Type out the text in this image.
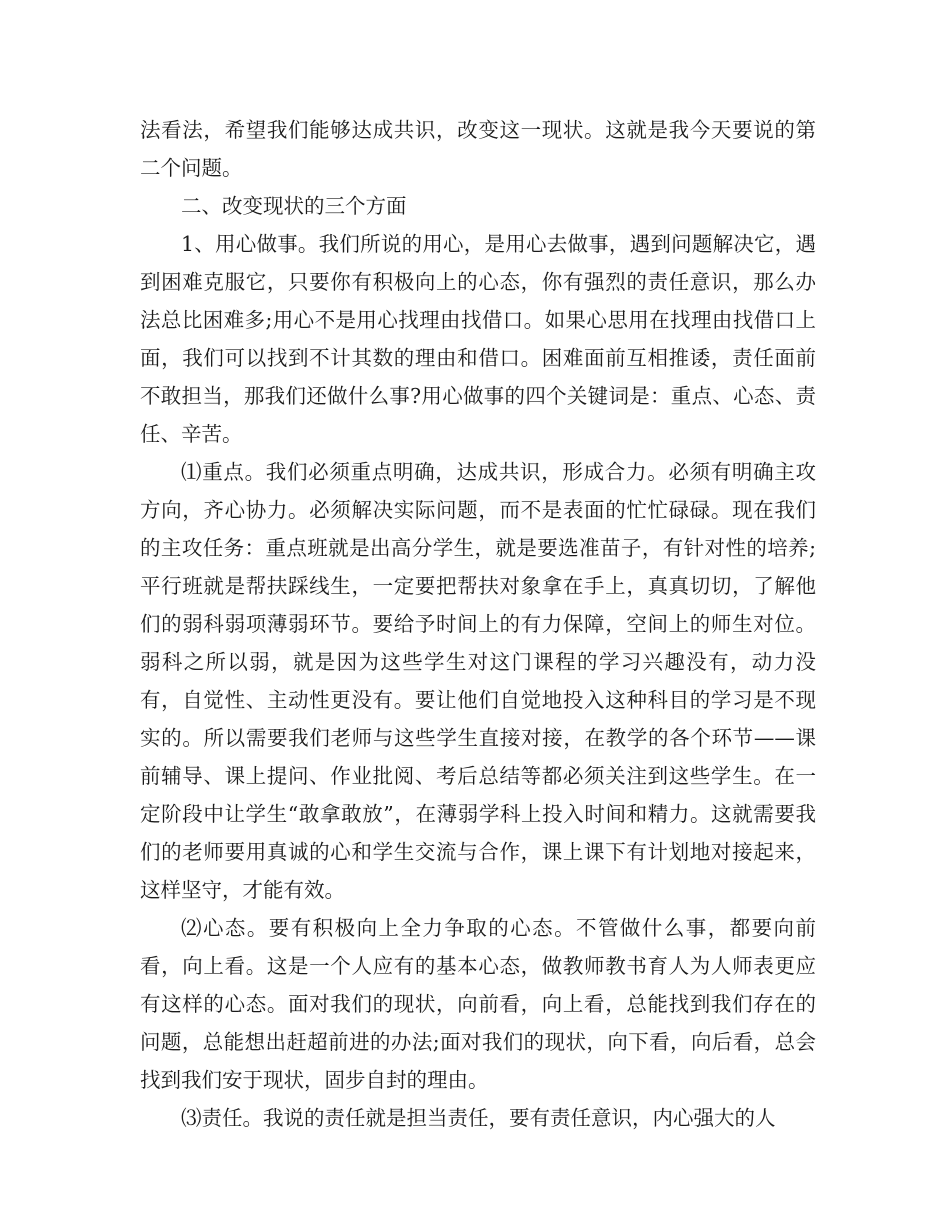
法看法，希望我们能够达成共识，改变这一现状。这就是我今天要说的第二个问题。

二、改变现状的三个方面

1、用心做事。我们所说的用心，是用心去做事，遇到问题解决它，遇到困难克服它，只要你有积极向上的心态，你有强烈的责任意识，那么办法总比困难多;用心不是用心找理由找借口。如果心思用在找理由找借口上面，我们可以找到不计其数的理由和借口。困难面前互相推诿，责任面前不敢担当，那我们还做什么事?用心做事的四个关键词是：重点、心态、责任、辛苦。

⑴重点。我们必须重点明确，达成共识，形成合力。必须有明确主攻方向，齐心协力。必须解决实际问题，而不是表面的忙忙碌碌。现在我们的主攻任务：重点班就是出高分学生，就是要选准苗子，有针对性的培养;平行班就是帮扶踩线生，一定要把帮扶对象拿在手上，真真切切，了解他们的弱科弱项薄弱环节。要给予时间上的有力保障，空间上的师生对位。弱科之所以弱，就是因为这些学生对这门课程的学习兴趣没有，动力没有，自觉性、主动性更没有。要让他们自觉地投入这种科目的学习是不现实的。所以需要我们老师与这些学生直接对接，在教学的各个环节——课前辅导、课上提问、作业批阅、考后总结等都必须关注到这些学生。在一定阶段中让学生“敢拿敢放”，在薄弱学科上投入时间和精力。这就需要我们的老师要用真诚的心和学生交流与合作，课上课下有计划地对接起来，这样坚守，才能有效。

⑵心态。要有积极向上全力争取的心态。不管做什么事，都要向前看，向上看。这是一个人应有的基本心态，做教师教书育人为人师表更应有这样的心态。面对我们的现状，向前看，向上看，总能找到我们存在的问题，总能想出赶超前进的办法;面对我们的现状，向下看，向后看，总会找到我们安于现状，固步自封的理由。

⑶责任。我说的责任就是担当责任，要有责任意识，内心强大的人
